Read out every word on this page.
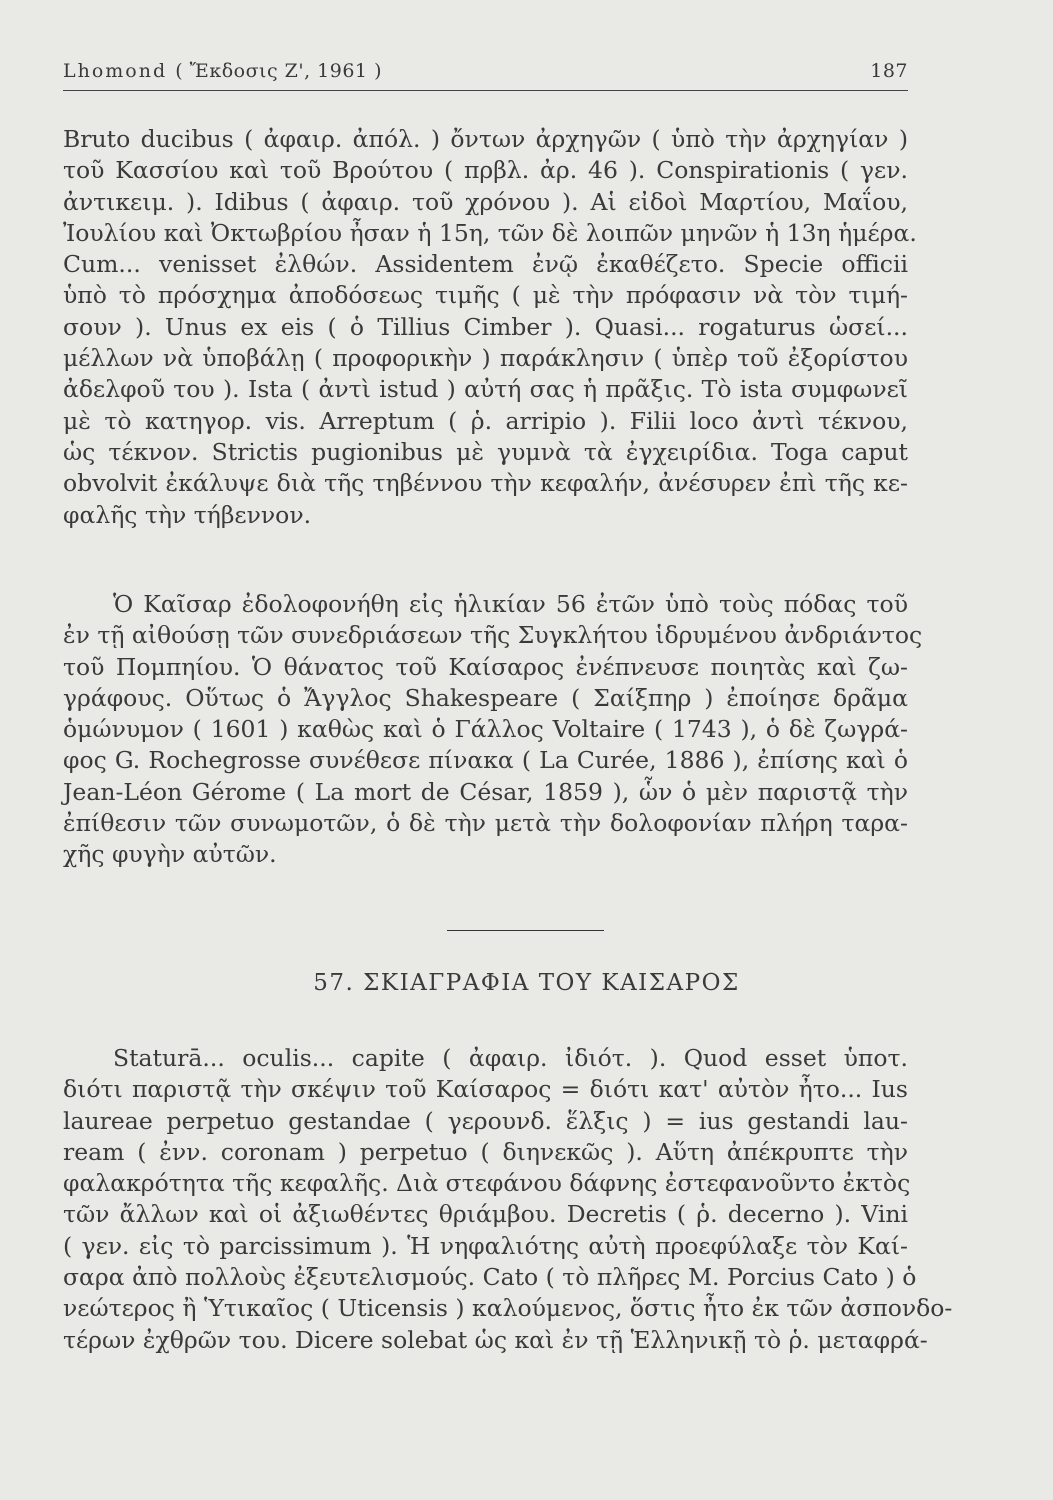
Lhomond ( Ἔκδοσις Ζ', 1961 )	187
Bruto ducibus ( ἀφαιρ. ἀπόλ. ) ὄντων ἀρχηγῶν ( ὑπὸ τὴν ἀρχηγίαν )
τοῦ Κασσίου καὶ τοῦ Βρούτου ( πρβλ. ἀρ. 46 ). Conspirationis ( γεν.
ἀντικειμ. ). Idibus ( ἀφαιρ. τοῦ χρόνου ). Αἱ εἰδοὶ Μαρτίου, Μαΐου,
Ἰουλίου καὶ Ὀκτωβρίου ἦσαν ἡ 15η, τῶν δὲ λοιπῶν μηνῶν ἡ 13η ἡμέρα.
Cum... venisset ἐλθών. Assidentem ἐνῷ ἐκαθέζετο. Specie officii
ὑπὸ τὸ πρόσχημα ἀποδόσεως τιμῆς ( μὲ τὴν πρόφασιν νὰ τὸν τιμή-
σουν ). Unus ex eis ( ὁ Tillius Cimber ). Quasi... rogaturus ὡσεί...
μέλλων νὰ ὑποβάλῃ ( προφορικὴν ) παράκλησιν ( ὑπὲρ τοῦ ἐξορίστου
ἀδελφοῦ του ). Ista ( ἀντὶ istud ) αὐτή σας ἡ πρᾶξις. Τὸ ista συμφωνεῖ
μὲ τὸ κατηγορ. vis. Arreptum ( ῥ. arripio ). Filii loco ἀντὶ τέκνου,
ὡς τέκνον. Strictis pugionibus μὲ γυμνὰ τὰ ἐγχειρίδια. Toga caput
obvolvit ἐκάλυψε διὰ τῆς τηβέννου τὴν κεφαλήν, ἀνέσυρεν ἐπὶ τῆς κε-
φαλῆς τὴν τήβεννον.
Ὁ Καῖσαρ ἐδολοφονήθη εἰς ἡλικίαν 56 ἐτῶν ὑπὸ τοὺς πόδας τοῦ
ἐν τῇ αἰθούσῃ τῶν συνεδριάσεων τῆς Συγκλήτου ἱδρυμένου ἀνδριάντος
τοῦ Πομπηίου. Ὁ θάνατος τοῦ Καίσαρος ἐνέπνευσε ποιητὰς καὶ ζω-
γράφους. Οὕτως ὁ Ἄγγλος Shakespeare ( Σαίξπηρ ) ἐποίησε δρᾶμα
ὁμώνυμον ( 1601 ) καθὼς καὶ ὁ Γάλλος Voltaire ( 1743 ), ὁ δὲ ζωγρά-
φος G. Rochegrosse συνέθεσε πίνακα ( La Curée, 1886 ), ἐπίσης καὶ ὁ
Jean-Léon Gérome ( La mort de César, 1859 ), ὧν ὁ μὲν παριστᾷ τὴν
ἐπίθεσιν τῶν συνωμοτῶν, ὁ δὲ τὴν μετὰ τὴν δολοφονίαν πλήρη ταρα-
χῆς φυγὴν αὐτῶν.
57. ΣΚΙΑΓΡΑΦΙΑ ΤΟΥ ΚΑΙΣΑΡΟΣ
Staturā... oculis... capite ( ἀφαιρ. ἰδιότ. ). Quod esset ὑποτ.
διότι παριστᾷ τὴν σκέψιν τοῦ Καίσαρος = διότι κατ' αὐτὸν ἦτο... Ius
laureae perpetuo gestandae ( γερουνδ. ἕλξις ) = ius gestandi lau-
ream ( ἐνν. coronam ) perpetuo ( διηνεκῶς ). Αὕτη ἀπέκρυπτε τὴν
φαλακρότητα τῆς κεφαλῆς. Διὰ στεφάνου δάφνης ἐστεφανοῦντο ἐκτὸς
τῶν ἄλλων καὶ οἱ ἀξιωθέντες θριάμβου. Decretis ( ῥ. decerno ). Vini
( γεν. εἰς τὸ parcissimum ). Ἡ νηφαλιότης αὐτὴ προεφύλαξε τὸν Καί-
σαρα ἀπὸ πολλοὺς ἐξευτελισμούς. Cato ( τὸ πλῆρες M. Porcius Cato ) ὁ
νεώτερος ἢ Ὑτικαῖος ( Uticensis ) καλούμενος, ὅστις ἦτο ἐκ τῶν ἀσπονδο-
τέρων ἐχθρῶν του. Dicere solebat ὡς καὶ ἐν τῇ Ἑλληνικῇ τὸ ῥ. μεταφρά-
